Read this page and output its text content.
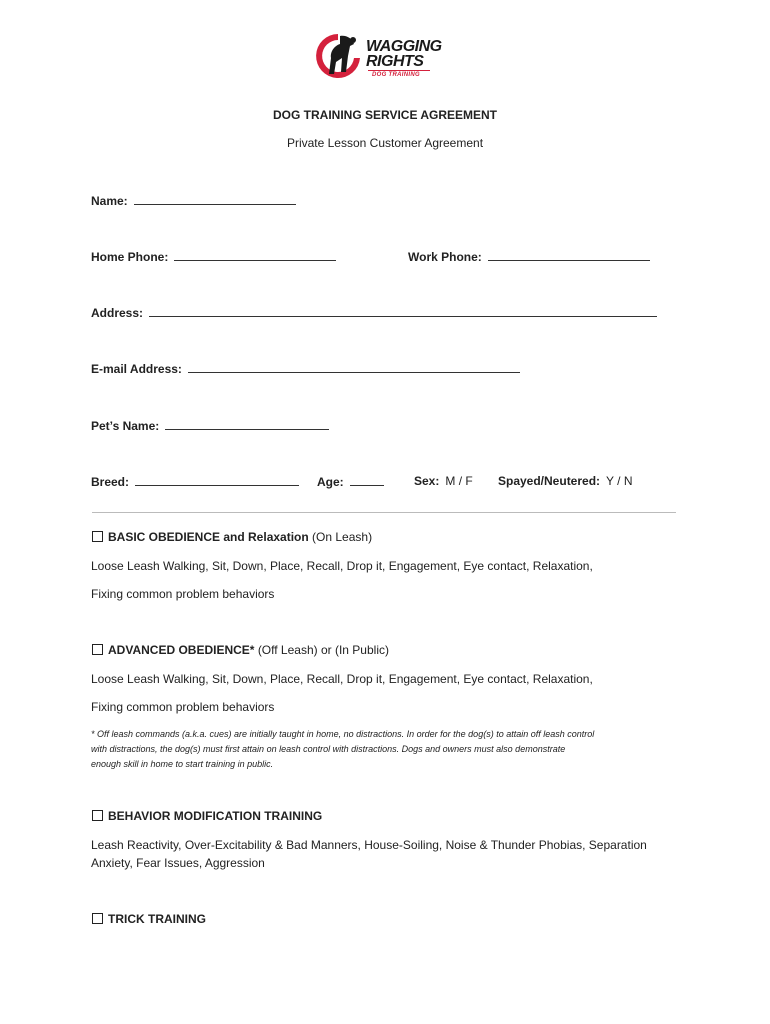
WAGGING
RIGHTS
DOG TRAINING
DOG TRAINING SERVICE AGREEMENT
Private Lesson Customer Agreement
Name:
Home Phone:	Work Phone:
Address:
E-mail Address:
Pet’s Name:
Breed:	Age:	Sex: M / F Spayed/Neutered: Y / N
BASIC OBEDIENCE and Relaxation (On Leash)
Loose Leash Walking, Sit, Down, Place, Recall, Drop it, Engagement, Eye contact, Relaxation,
Fixing common problem behaviors
ADVANCED OBEDIENCE* (Off Leash) or (In Public)
Loose Leash Walking, Sit, Down, Place, Recall, Drop it, Engagement, Eye contact, Relaxation,
Fixing common problem behaviors
* Off leash commands (a.k.a. cues) are initially taught in home, no distractions. In order for the dog(s) to attain off leash control
with distractions, the dog(s) must first attain on leash control with distractions. Dogs and owners must also demonstrate
enough skill in home to start training in public.
BEHAVIOR MODIFICATION TRAINING
Leash Reactivity, Over-Excitability & Bad Manners, House-Soiling, Noise & Thunder Phobias, Separation
Anxiety, Fear Issues, Aggression
TRICK TRAINING
